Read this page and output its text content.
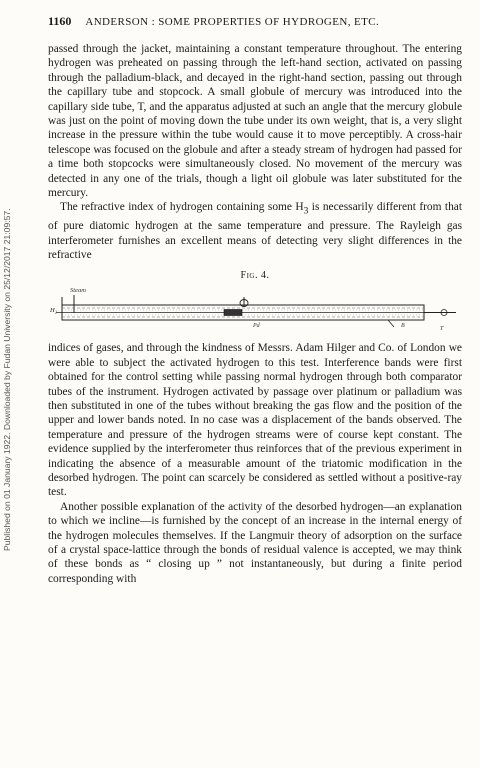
Published on 01 January 1922. Downloaded by Fudan University on 25/12/2017 21:09:57.
1160 ANDERSON : SOME PROPERTIES OF HYDROGEN, ETC.

passed through the jacket, maintaining a constant temperature throughout. The entering hydrogen was preheated on passing through the left-hand section, activated on passing through the palladium-black, and decayed in the right-hand section, passing out through the capillary tube and stopcock. A small globule of mercury was introduced into the capillary side tube, T, and the apparatus adjusted at such an angle that the mercury globule was just on the point of moving down the tube under its own weight, that is, a very slight increase in the pressure within the tube would cause it to move perceptibly. A cross-hair telescope was focused on the globule and after a steady stream of hydrogen had passed for a time both stopcocks were simultaneously closed. No movement of the mercury was detected in any one of the trials, though a light oil globule was later substituted for the mercury.

The refractive index of hydrogen containing some $H_3$ is necessarily different from that of pure diatomic hydrogen at the same temperature and pressure. The Rayleigh gas interferometer furnishes an excellent means of detecting very slight differences in the refractive

Fig. 4.
Steam
H₂
Pd	B	T

indices of gases, and through the kindness of Messrs. Adam Hilger and Co. of London we were able to subject the activated hydrogen to this test. Interference bands were first obtained for the control setting while passing normal hydrogen through both comparator tubes of the instrument. Hydrogen activated by passage over platinum or palladium was then substituted in one of the tubes without breaking the gas flow and the position of the upper and lower bands noted. In no case was a displacement of the bands observed. The temperature and pressure of the hydrogen streams were of course kept constant. The evidence supplied by the interferometer thus reinforces that of the previous experiment in indicating the absence of a measurable amount of the triatomic modification in the desorbed hydrogen. The point can scarcely be considered as settled without a positive-ray test.

Another possible explanation of the activity of the desorbed hydrogen—an explanation to which we incline—is furnished by the concept of an increase in the internal energy of the hydrogen molecules themselves. If the Langmuir theory of adsorption on the surface of a crystal space-lattice through the bonds of residual valence is accepted, we may think of these bonds as “ closing up ” not instantaneously, but during a finite period corresponding with
